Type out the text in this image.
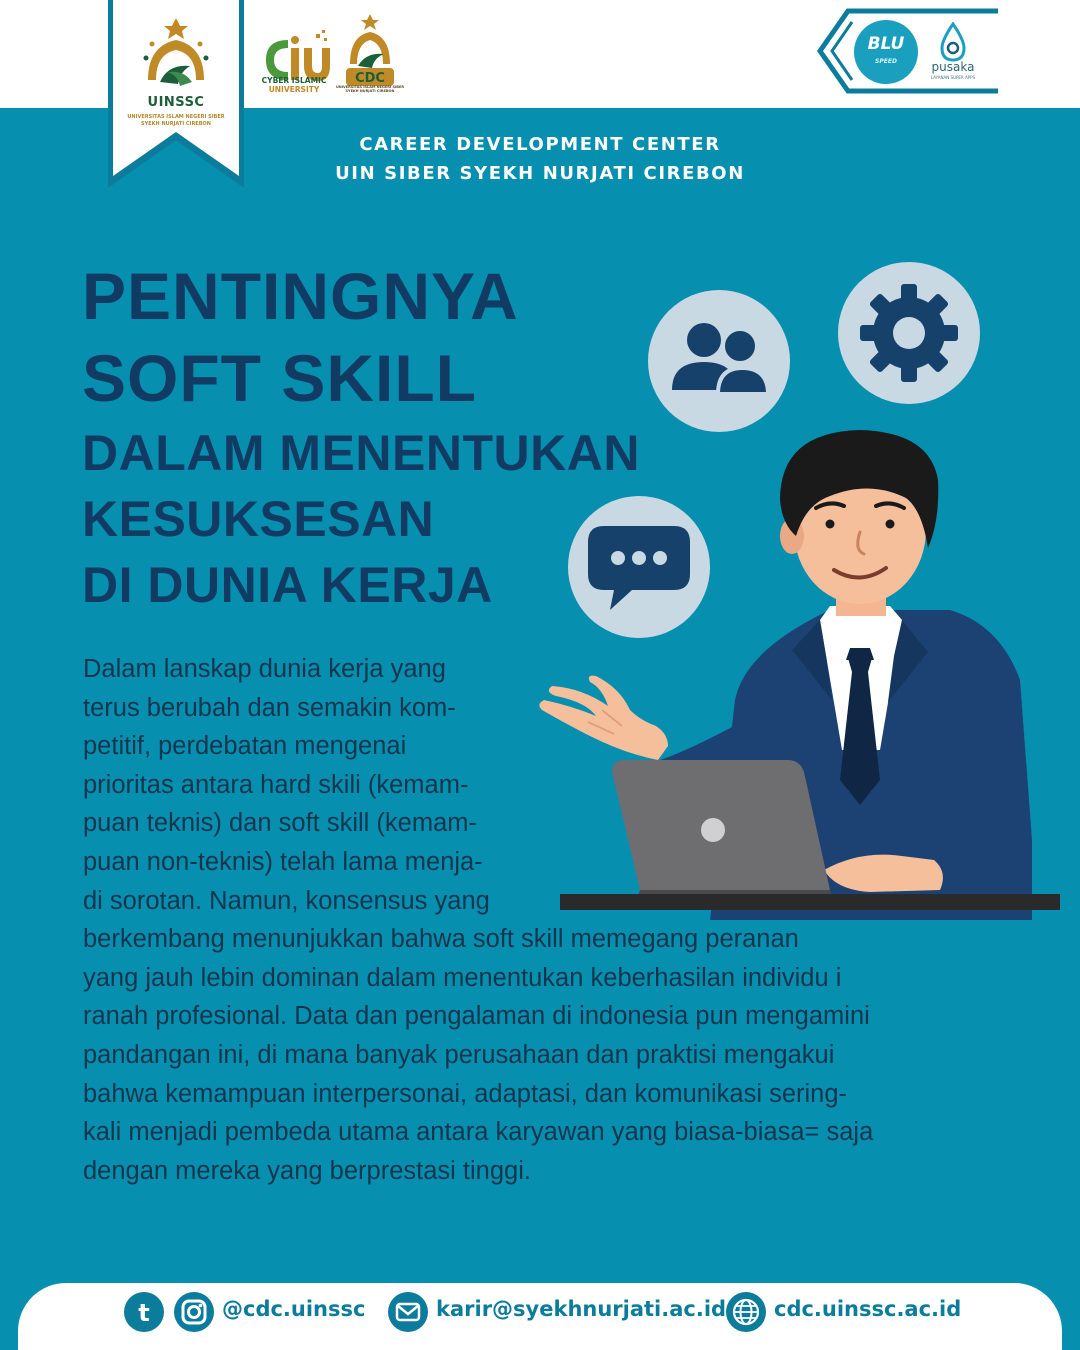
UINSSC
UNIVERSITAS ISLAM NEGERI SIBER
SYEKH NURJATI CIREBON
CYBER ISLAMIC
UNIVERSITY
CDC
UNIVERSITAS ISLAM NEGERI SIBER SYEKH NURJATI CIREBON
BLU
SPEED	pusaka
LAYANAN SUPER APPS
CAREER DEVELOPMENT CENTER
UIN SIBER SYEKH NURJATI CIREBON
PENTINGNYA
SOFT SKILL
DALAM MENENTUKAN
KESUKSESAN
DI DUNIA KERJA
Dalam lanskap dunia kerja yang
terus berubah dan semakin kom-
petitif, perdebatan mengenai
prioritas antara hard skili (kemam-
puan teknis) dan soft skill (kemam-
puan non-teknis) telah lama menja-
di sorotan. Namun, konsensus yang
berkembang menunjukkan bahwa soft skill memegang peranan
yang jauh lebin dominan dalam menentukan keberhasilan individu i
ranah profesional. Data dan pengalaman di indonesia pun mengamini
pandangan ini, di mana banyak perusahaan dan praktisi mengakui
bahwa kemampuan interpersonai, adaptasi, dan komunikasi sering-
kali menjadi pembeda utama antara karyawan yang biasa-biasa= saja
dengan mereka yang berprestasi tinggi.
t	@cdc.uinssc	karir@syekhnurjati.ac.id cdc.uinssc.ac.id
